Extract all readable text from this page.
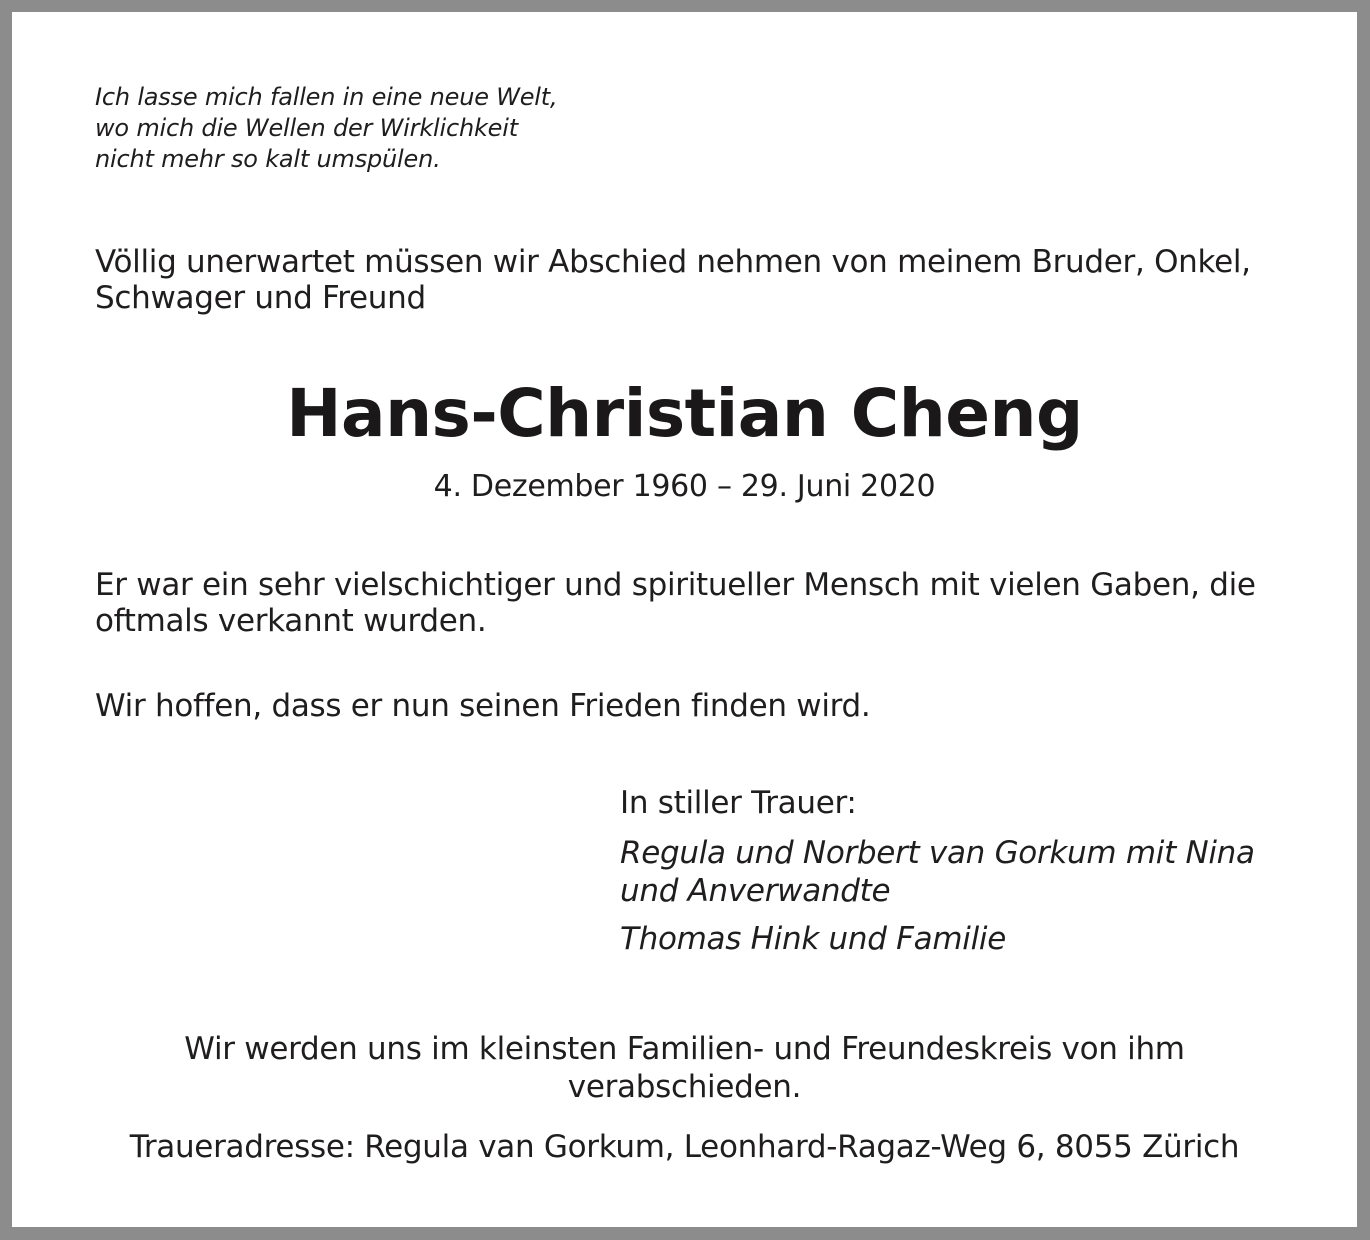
Ich lasse mich fallen in eine neue Welt,
wo mich die Wellen der Wirklichkeit
nicht mehr so kalt umspülen.
Völlig unerwartet müssen wir Abschied nehmen von meinem Bruder, Onkel,
Schwager und Freund
Hans-Christian Cheng
4. Dezember 1960 – 29. Juni 2020
Er war ein sehr vielschichtiger und spiritueller Mensch mit vielen Gaben, die
oftmals verkannt wurden.
Wir hoffen, dass er nun seinen Frieden finden wird.
In stiller Trauer:
Regula und Norbert van Gorkum mit Nina
und Anverwandte
Thomas Hink und Familie
Wir werden uns im kleinsten Familien- und Freundeskreis von ihm
verabschieden.
Traueradresse: Regula van Gorkum, Leonhard-Ragaz-Weg 6, 8055 Zürich
